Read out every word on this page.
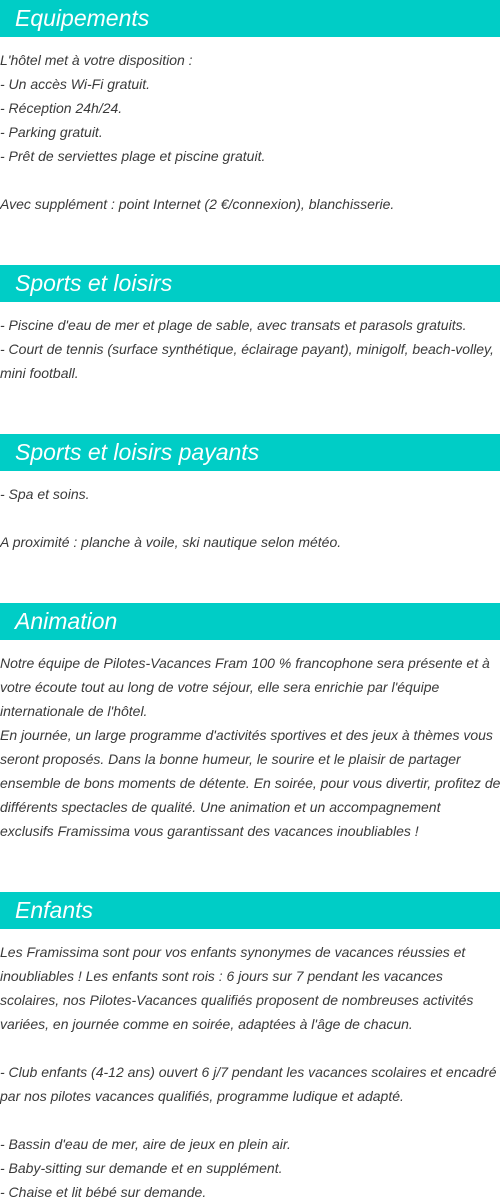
Equipements
L'hôtel met à votre disposition :
- Un accès Wi-Fi gratuit.
- Réception 24h/24.
- Parking gratuit.
- Prêt de serviettes plage et piscine gratuit.
Avec supplément : point Internet (2 €/connexion), blanchisserie.
Sports et loisirs
- Piscine d'eau de mer et plage de sable, avec transats et parasols gratuits.
- Court de tennis (surface synthétique, éclairage payant), minigolf, beach-volley,
mini football.
Sports et loisirs payants
- Spa et soins.
A proximité : planche à voile, ski nautique selon météo.
Animation
Notre équipe de Pilotes-Vacances Fram 100 % francophone sera présente et à
votre écoute tout au long de votre séjour, elle sera enrichie par l'équipe
internationale de l'hôtel.
En journée, un large programme d'activités sportives et des jeux à thèmes vous
seront proposés. Dans la bonne humeur, le sourire et le plaisir de partager
ensemble de bons moments de détente. En soirée, pour vous divertir, profitez de
différents spectacles de qualité. Une animation et un accompagnement
exclusifs Framissima vous garantissant des vacances inoubliables !
Enfants
Les Framissima sont pour vos enfants synonymes de vacances réussies et
inoubliables ! Les enfants sont rois : 6 jours sur 7 pendant les vacances
scolaires, nos Pilotes-Vacances qualifiés proposent de nombreuses activités
variées, en journée comme en soirée, adaptées à l'âge de chacun.
- Club enfants (4-12 ans) ouvert 6 j/7 pendant les vacances scolaires et encadré
par nos pilotes vacances qualifiés, programme ludique et adapté.
- Bassin d'eau de mer, aire de jeux en plein air.
- Baby-sitting sur demande et en supplément.
- Chaise et lit bébé sur demande.
